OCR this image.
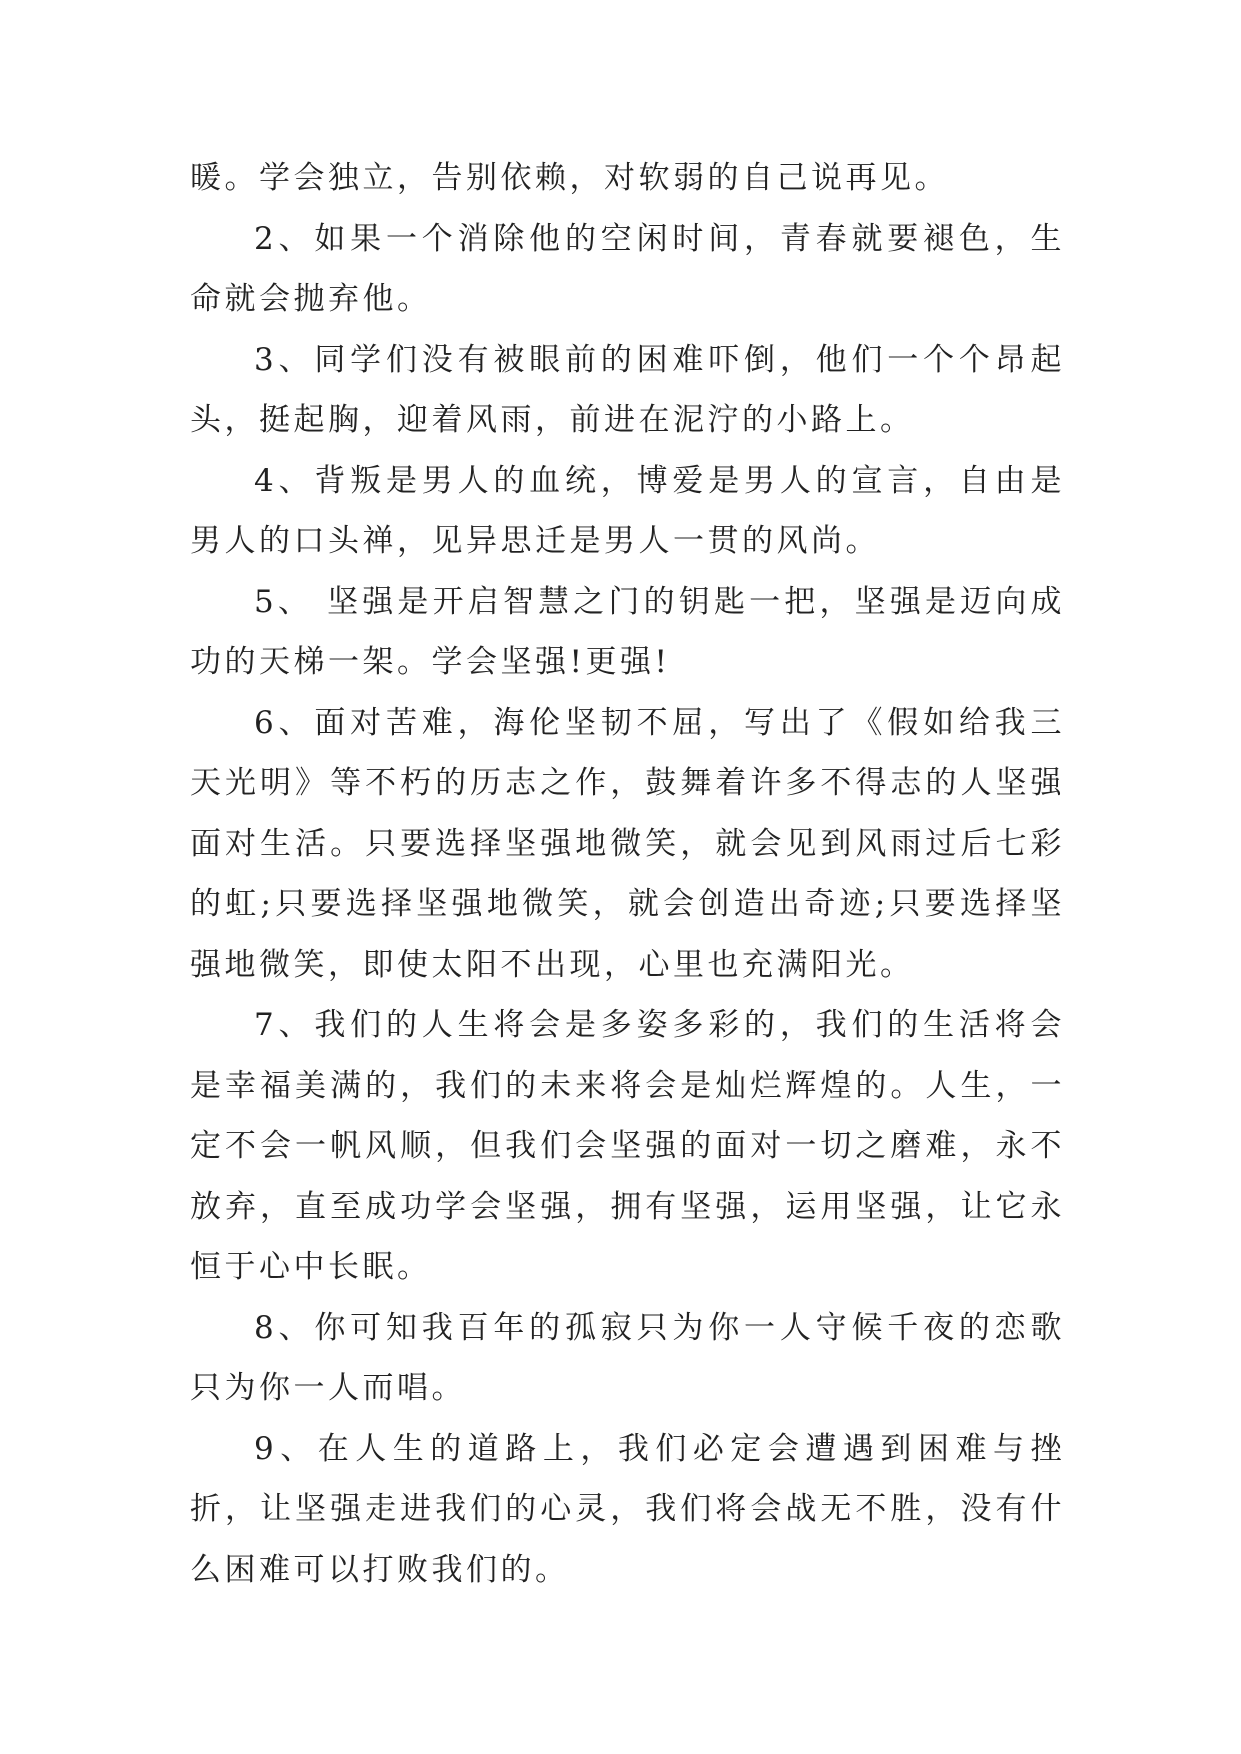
暖。学会独立，告别依赖，对软弱的自己说再见。

2、如果一个消除他的空闲时间，青春就要褪色，生命就会抛弃他。

3、同学们没有被眼前的困难吓倒，他们一个个昂起头，挺起胸，迎着风雨，前进在泥泞的小路上。

4、背叛是男人的血统，博爱是男人的宣言，自由是男人的口头禅，见异思迁是男人一贯的风尚。

5、 坚强是开启智慧之门的钥匙一把，坚强是迈向成功的天梯一架。学会坚强!更强!

6、面对苦难，海伦坚韧不屈，写出了《假如给我三天光明》等不朽的历志之作，鼓舞着许多不得志的人坚强面对生活。只要选择坚强地微笑，就会见到风雨过后七彩的虹;只要选择坚强地微笑，就会创造出奇迹;只要选择坚强地微笑，即使太阳不出现，心里也充满阳光。

7、我们的人生将会是多姿多彩的，我们的生活将会是幸福美满的，我们的未来将会是灿烂辉煌的。人生，一定不会一帆风顺，但我们会坚强的面对一切之磨难，永不放弃，直至成功学会坚强，拥有坚强，运用坚强，让它永恒于心中长眠。

8、你可知我百年的孤寂只为你一人守候千夜的恋歌只为你一人而唱。

9、在人生的道路上，我们必定会遭遇到困难与挫折，让坚强走进我们的心灵，我们将会战无不胜，没有什么困难可以打败我们的。
